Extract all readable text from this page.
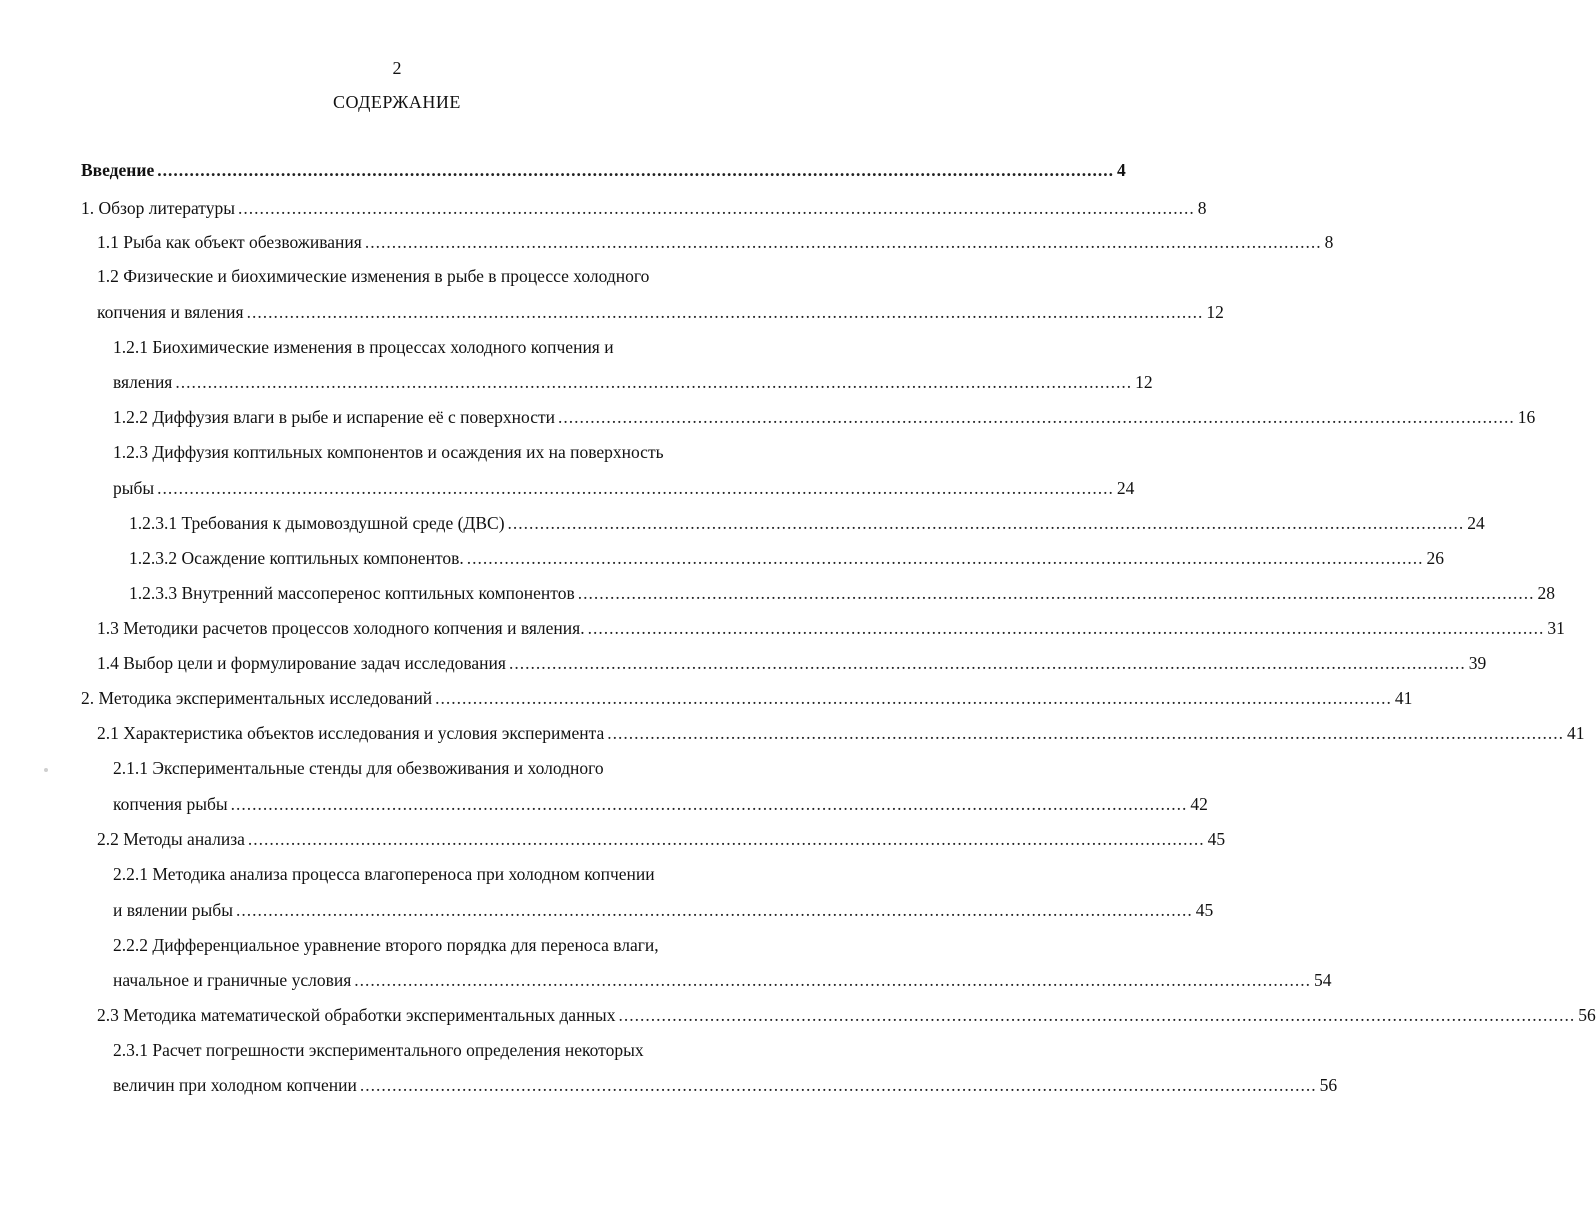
2
СОДЕРЖАНИЕ
Введение .................................................................................................................................................................................. 4
1. Обзор литературы .................................................................................................................................................................................. 8
1.1 Рыба как объект обезвоживания .................................................................................................................................................................................. 8
1.2 Физические и биохимические изменения в рыбе в процессе холодного
копчения и вяления .................................................................................................................................................................................. 12
1.2.1 Биохимические изменения в процессах холодного копчения и
вяления .................................................................................................................................................................................. 12
1.2.2 Диффузия влаги в рыбе и испарение её с поверхности .................................................................................................................................................................................. 16
1.2.3 Диффузия коптильных компонентов и осаждения их на поверхность
рыбы .................................................................................................................................................................................. 24
1.2.3.1 Требования к дымовоздушной среде (ДВС) .................................................................................................................................................................................. 24
1.2.3.2 Осаждение коптильных компонентов. .................................................................................................................................................................................. 26
1.2.3.3 Внутренний массоперенос коптильных компонентов .................................................................................................................................................................................. 28
1.3 Методики расчетов процессов холодного копчения и вяления. .................................................................................................................................................................................. 31
1.4 Выбор цели и формулирование задач исследования .................................................................................................................................................................................. 39
2. Методика экспериментальных исследований .................................................................................................................................................................................. 41
2.1 Характеристика объектов исследования и условия эксперимента .................................................................................................................................................................................. 41
2.1.1 Экспериментальные стенды для обезвоживания и холодного
копчения рыбы .................................................................................................................................................................................. 42
2.2 Методы анализа .................................................................................................................................................................................. 45
2.2.1 Методика анализа процесса влагопереноса при холодном копчении
и вялении рыбы .................................................................................................................................................................................. 45
2.2.2 Дифференциальное уравнение второго порядка для переноса влаги,
начальное и граничные условия .................................................................................................................................................................................. 54
2.3 Методика математической обработки экспериментальных данных .................................................................................................................................................................................. 56
2.3.1 Расчет погрешности экспериментального определения некоторых
величин при холодном копчении .................................................................................................................................................................................. 56
